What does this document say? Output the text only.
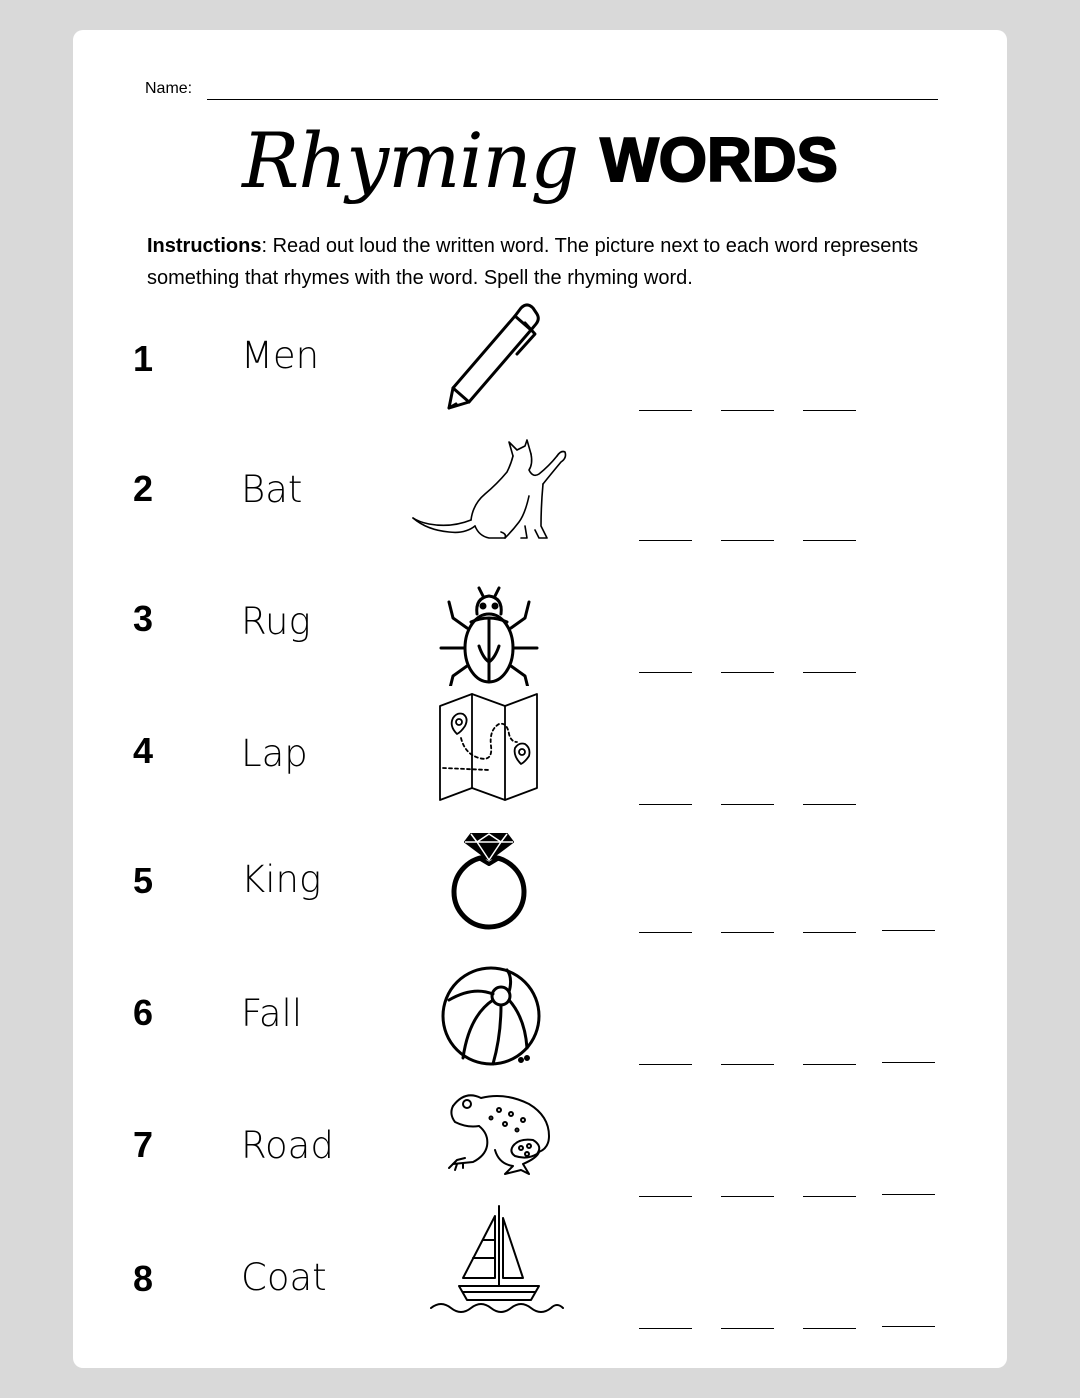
Name:
Rhyming WORDS
Instructions: Read out loud the written word. The picture next to each word represents something that rhymes with the word. Spell the rhyming word.
1 Men
2 Bat
3 Rug
4 Lap
5 King
6 Fall
7 Road
8 Coat
